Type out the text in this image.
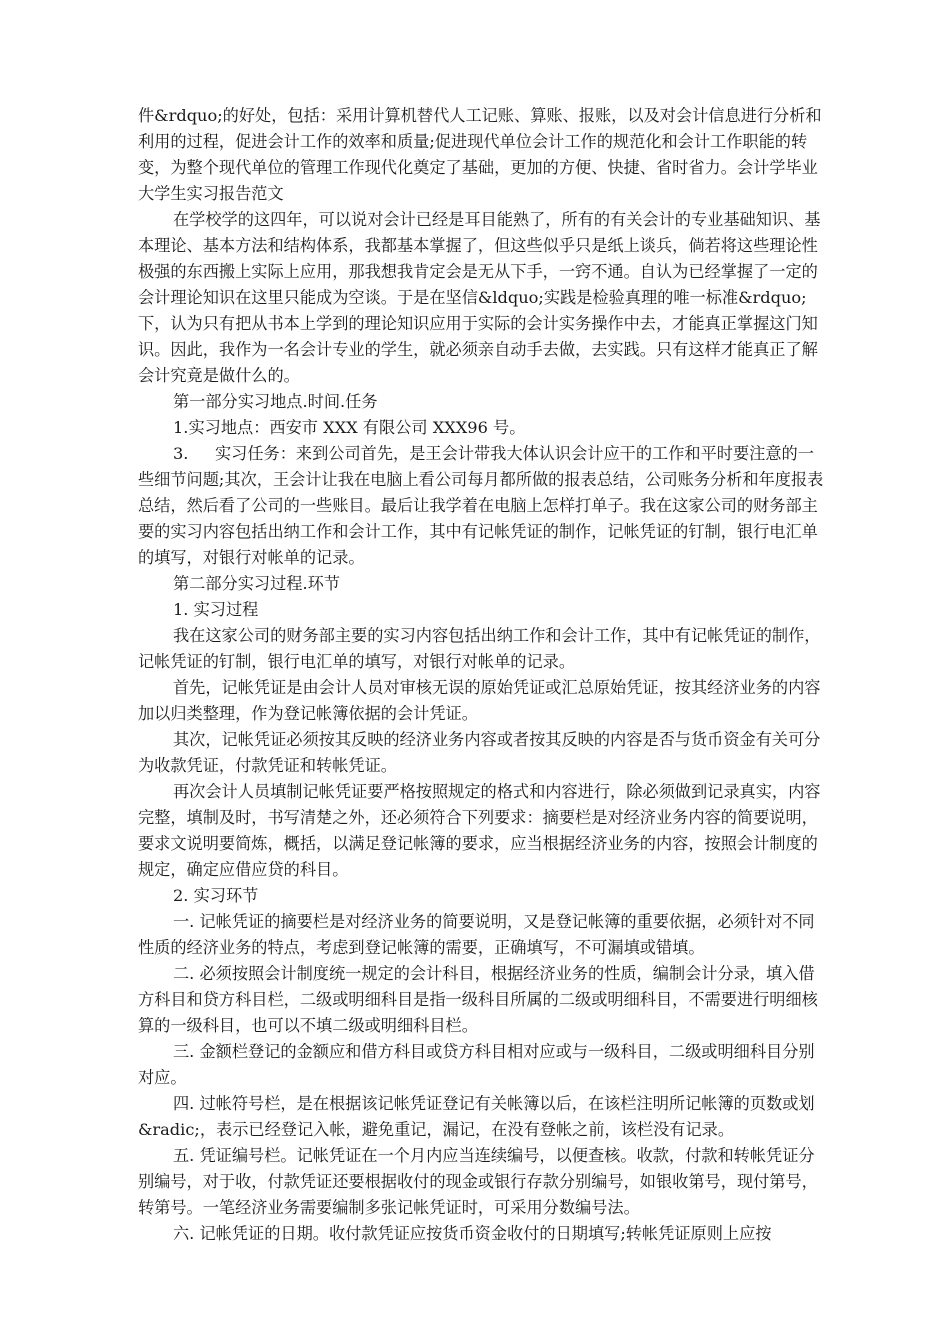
件&rdquo;的好处，包括：采用计算机替代人工记账、算账、报账，以及对会计信息进行分析和利用的过程，促进会计工作的效率和质量;促进现代单位会计工作的规范化和会计工作职能的转变，为整个现代单位的管理工作现代化奠定了基础，更加的方便、快捷、省时省力。会计学毕业大学生实习报告范文

在学校学的这四年，可以说对会计已经是耳目能熟了，所有的有关会计的专业基础知识、基本理论、基本方法和结构体系，我都基本掌握了，但这些似乎只是纸上谈兵，倘若将这些理论性极强的东西搬上实际上应用，那我想我肯定会是无从下手，一窍不通。自认为已经掌握了一定的会计理论知识在这里只能成为空谈。于是在坚信&ldquo;实践是检验真理的唯一标准&rdquo;下，认为只有把从书本上学到的理论知识应用于实际的会计实务操作中去，才能真正掌握这门知识。因此，我作为一名会计专业的学生，就必须亲自动手去做，去实践。只有这样才能真正了解会计究竟是做什么的。

第一部分实习地点.时间.任务

1.实习地点：西安市 XXX 有限公司 XXX96 号。

3. 实习任务：来到公司首先，是王会计带我大体认识会计应干的工作和平时要注意的一些细节问题;其次，王会计让我在电脑上看公司每月都所做的报表总结，公司账务分析和年度报表总结，然后看了公司的一些账目。最后让我学着在电脑上怎样打单子。我在这家公司的财务部主要的实习内容包括出纳工作和会计工作，其中有记帐凭证的制作，记帐凭证的钉制，银行电汇单的填写，对银行对帐单的记录。

第二部分实习过程.环节

1. 实习过程

我在这家公司的财务部主要的实习内容包括出纳工作和会计工作，其中有记帐凭证的制作，记帐凭证的钉制，银行电汇单的填写，对银行对帐单的记录。

首先，记帐凭证是由会计人员对审核无误的原始凭证或汇总原始凭证，按其经济业务的内容加以归类整理，作为登记帐簿依据的会计凭证。

其次，记帐凭证必须按其反映的经济业务内容或者按其反映的内容是否与货币资金有关可分为收款凭证，付款凭证和转帐凭证。

再次会计人员填制记帐凭证要严格按照规定的格式和内容进行，除必须做到记录真实，内容完整，填制及时，书写清楚之外，还必须符合下列要求：摘要栏是对经济业务内容的简要说明，要求文说明要简炼，概括，以满足登记帐簿的要求，应当根据经济业务的内容，按照会计制度的规定，确定应借应贷的科目。

2. 实习环节

一. 记帐凭证的摘要栏是对经济业务的简要说明，又是登记帐簿的重要依据，必须针对不同性质的经济业务的特点，考虑到登记帐簿的需要，正确填写，不可漏填或错填。

二. 必须按照会计制度统一规定的会计科目，根据经济业务的性质，编制会计分录，填入借方科目和贷方科目栏，二级或明细科目是指一级科目所属的二级或明细科目，不需要进行明细核算的一级科目，也可以不填二级或明细科目栏。

三. 金额栏登记的金额应和借方科目或贷方科目相对应或与一级科目，二级或明细科目分别对应。

四. 过帐符号栏，是在根据该记帐凭证登记有关帐簿以后，在该栏注明所记帐簿的页数或划&radic;，表示已经登记入帐，避免重记，漏记，在没有登帐之前，该栏没有记录。

五. 凭证编号栏。记帐凭证在一个月内应当连续编号，以便查核。收款，付款和转帐凭证分别编号，对于收，付款凭证还要根据收付的现金或银行存款分别编号，如银收第号，现付第号，转第号。一笔经济业务需要编制多张记帐凭证时，可采用分数编号法。

六. 记帐凭证的日期。收付款凭证应按货币资金收付的日期填写;转帐凭证原则上应按
